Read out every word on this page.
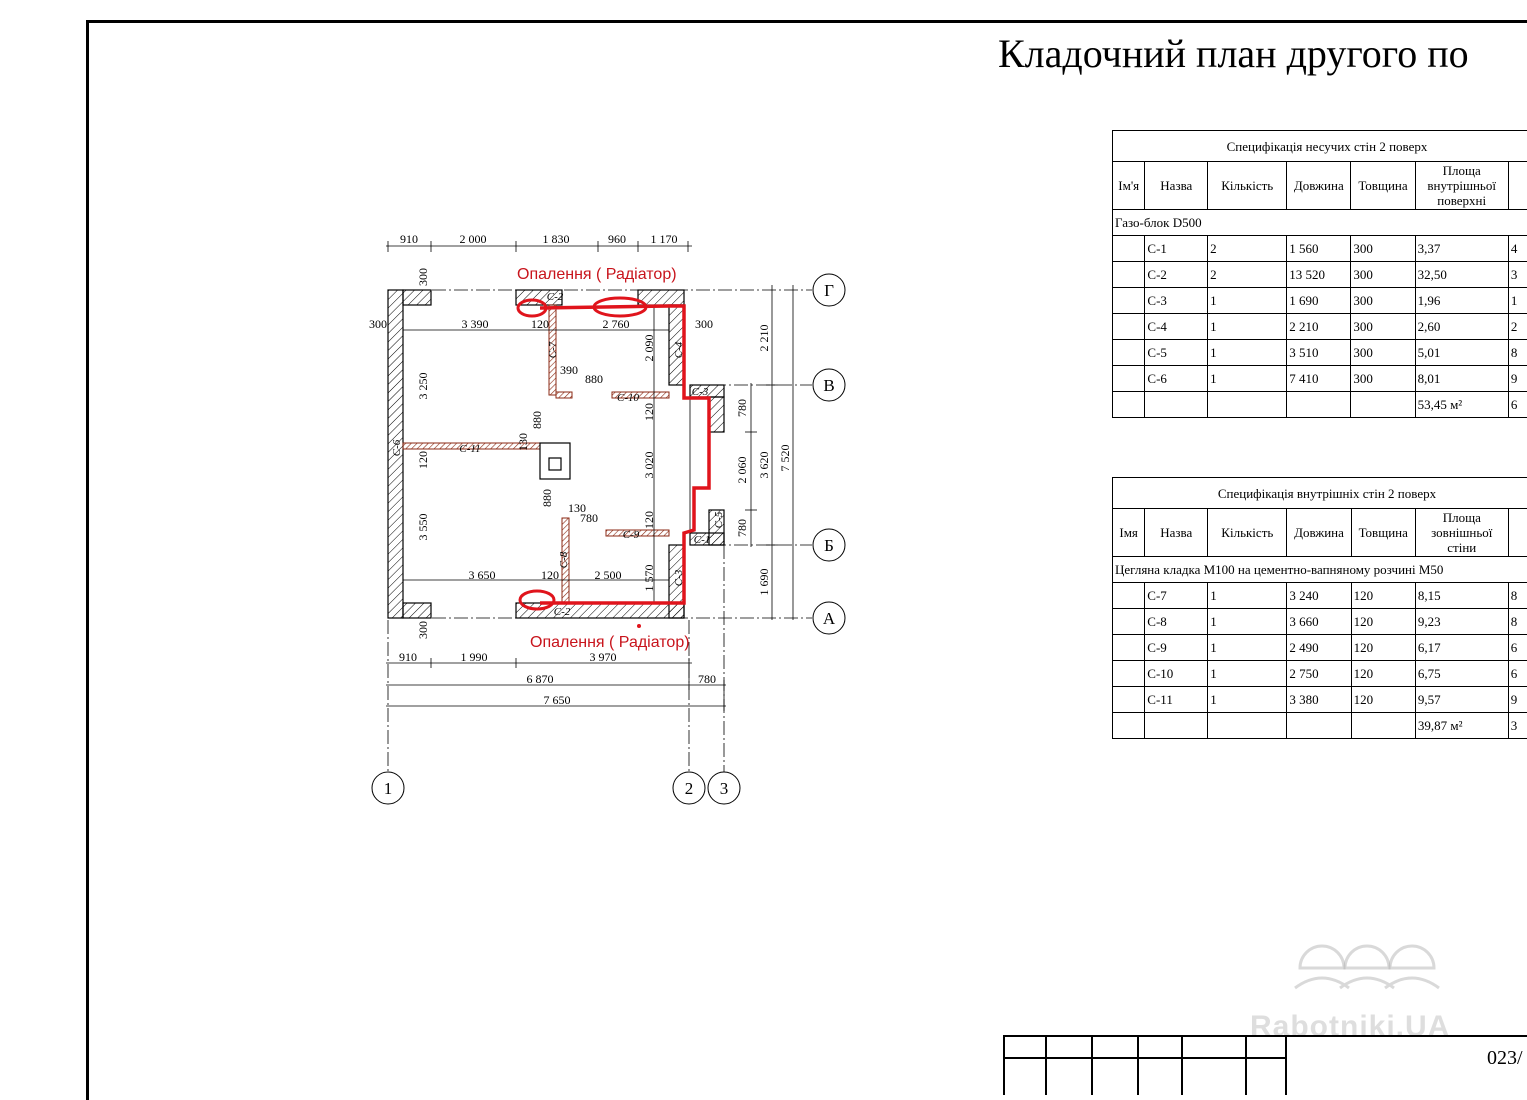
Кладочний план другого по
Опалення ( Радіатор)
Опалення ( Радіатор)
910	2 000	1 830	960 1 170
910	1 990	3 970
6 870	780
7 650
2 210
780
2 060
780
1 690
3 620 7 520
300
3 250
3 550
300
300	3 390	120	2 760	300
2 090
390
880
130
880	120
3 020
880
130
780	120
3 650	120	2 500 1 570
120
С-2
С-2
С-7	С-4
С-10	С-3
С-6	С-11
С-9	С-1
С-8
С-5
С-3
Г
В
Б
А
1	2 3
Специфікація несучих стін 2 поверх						
Ім'я	Назва	Кількість	Довжина	Товщина	Площа внутрішньої поверхні	
Газо-блок D500						
	С-1	2	1 560	300	3,37	4
	С-2	2	13 520	300	32,50	3
	С-3	1	1 690	300	1,96	1
	С-4	1	2 210	300	2,60	2
	С-5	1	3 510	300	5,01	8
	С-6	1	7 410	300	8,01	9
					53,45 м²	6
Специфікація внутрішніх стін 2 поверх						
Імя	Назва	Кількість	Довжина	Товщина	Площа зовнішньої стіни	
Цегляна кладка М100 на цементно-вапняному розчині М50						
	С-7	1	3 240	120	8,15	8
	С-8	1	3 660	120	9,23	8
	С-9	1	2 490	120	6,17	6
	С-10	1	2 750	120	6,75	6
	С-11	1	3 380	120	9,57	9
					39,87 м²	3
Rabotniki.UA
023/
